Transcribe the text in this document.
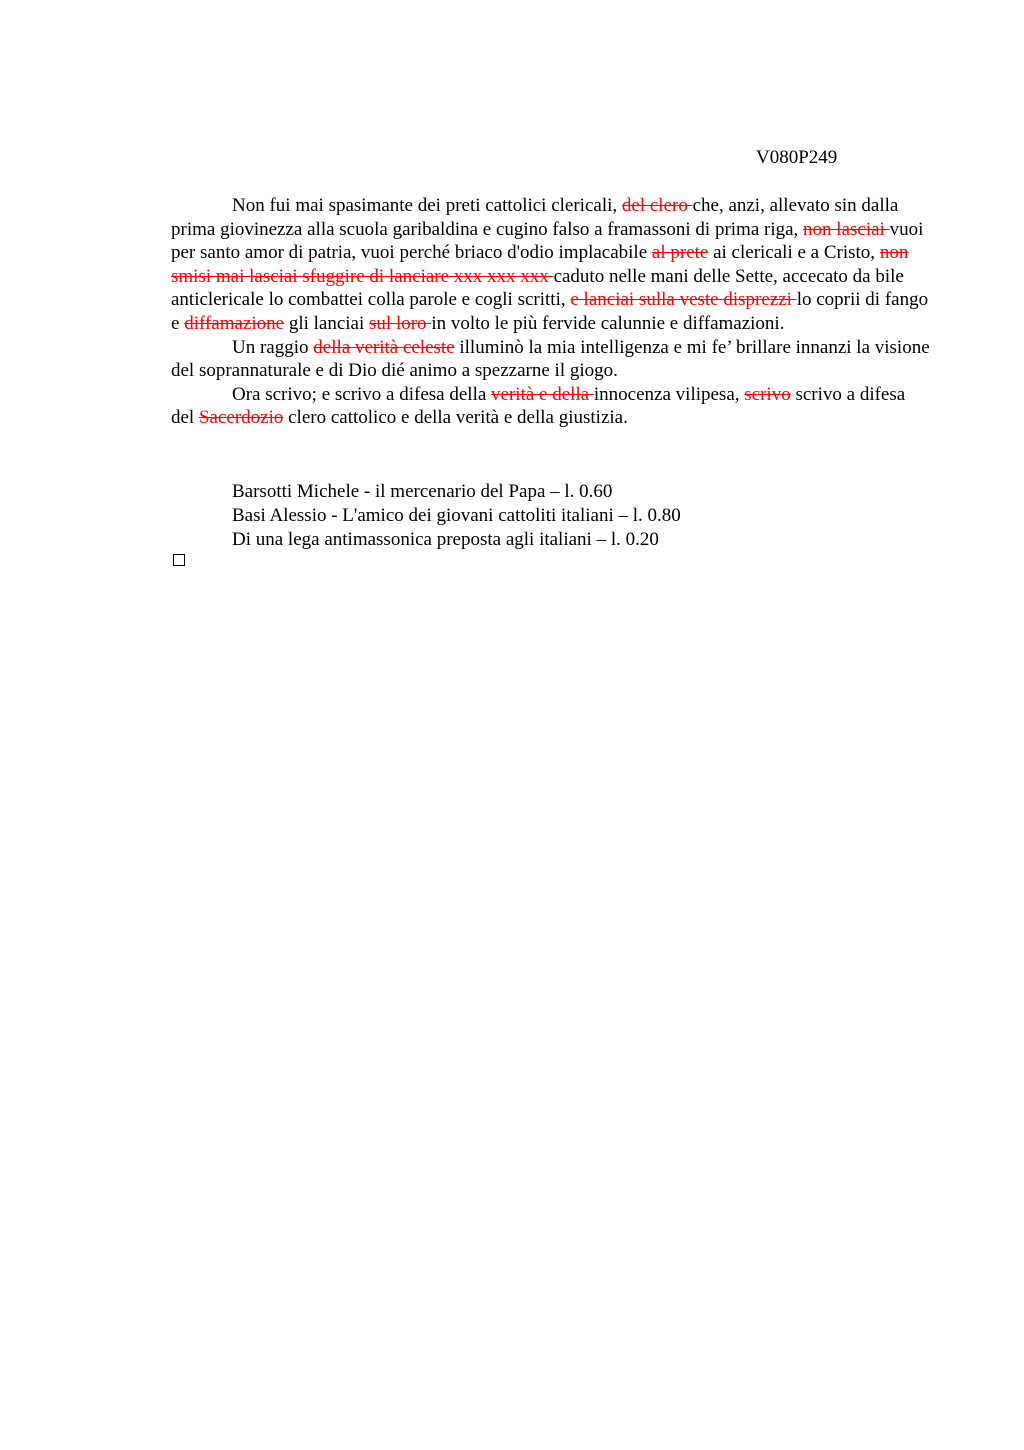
V080P249

Non fui mai spasimante dei preti cattolici clericali, del clero che, anzi, allevato sin dalla prima giovinezza alla scuola garibaldina e cugino falso a framassoni di prima riga, non lasciai vuoi per santo amor di patria, vuoi perché briaco d'odio implacabile al prete ai clericali e a Cristo, non smisi mai lasciai sfuggire di lanciare xxx xxx xxx caduto nelle mani delle Sette, accecato da bile anticlericale lo combattei colla parole e cogli scritti, e lanciai sulla veste disprezzi lo coprii di fango e diffamazione gli lanciai sul loro in volto le più fervide calunnie e diffamazioni.

Un raggio della verità celeste illuminò la mia intelligenza e mi fe’ brillare innanzi la visione del soprannaturale e di Dio dié animo a spezzarne il giogo.

Ora scrivo; e scrivo a difesa della verità e della innocenza vilipesa, scrivo scrivo a difesa del Sacerdozio clero cattolico e della verità e della giustizia.

Barsotti Michele - il mercenario del Papa – l. 0.60

Basi Alessio - L'amico dei giovani cattoliti italiani – l. 0.80

Di una lega antimassonica preposta agli italiani – l. 0.20
